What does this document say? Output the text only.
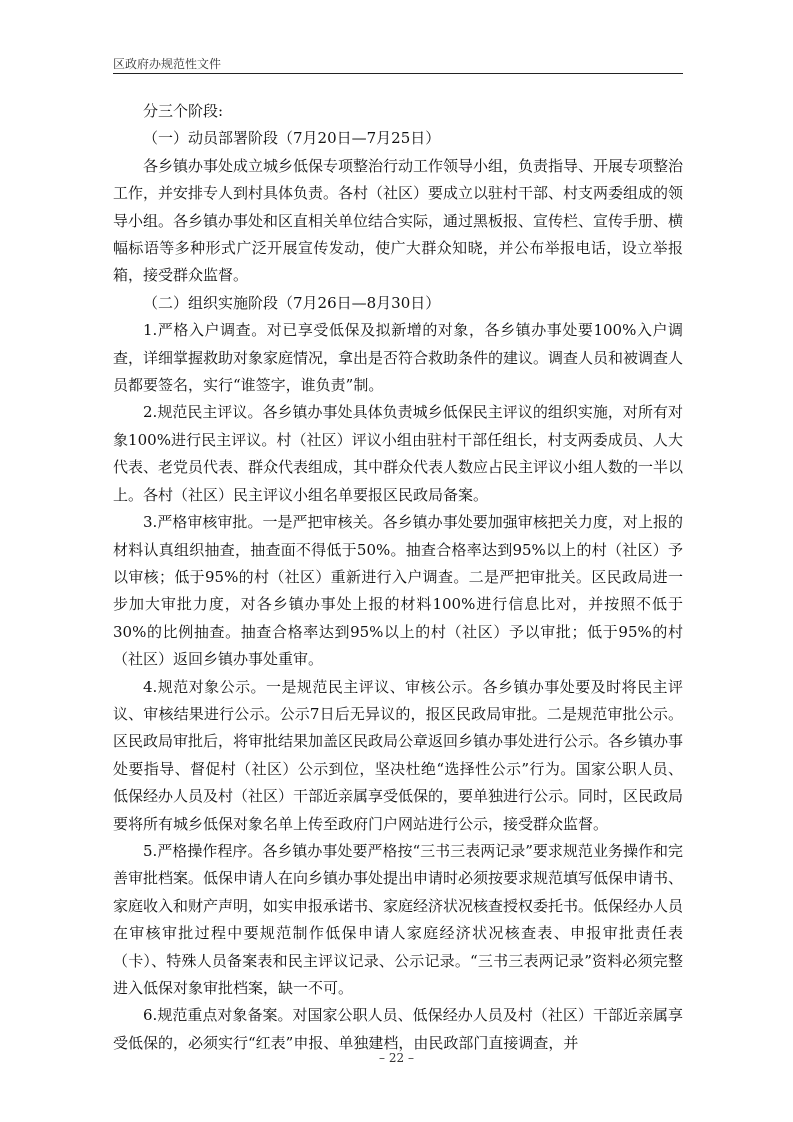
区政府办规范性文件

分三个阶段:

（一）动员部署阶段（7月20日—7月25日）

各乡镇办事处成立城乡低保专项整治行动工作领导小组，负责指导、开展专项整治工作，并安排专人到村具体负责。各村（社区）要成立以驻村干部、村支两委组成的领导小组。各乡镇办事处和区直相关单位结合实际，通过黑板报、宣传栏、宣传手册、横幅标语等多种形式广泛开展宣传发动，使广大群众知晓，并公布举报电话，设立举报箱，接受群众监督。

（二）组织实施阶段（7月26日—8月30日）

1.严格入户调查。对已享受低保及拟新增的对象，各乡镇办事处要100%入户调查，详细掌握救助对象家庭情况，拿出是否符合救助条件的建议。调查人员和被调查人员都要签名，实行“谁签字，谁负责”制。

2.规范民主评议。各乡镇办事处具体负责城乡低保民主评议的组织实施，对所有对象100%进行民主评议。村（社区）评议小组由驻村干部任组长，村支两委成员、人大代表、老党员代表、群众代表组成，其中群众代表人数应占民主评议小组人数的一半以上。各村（社区）民主评议小组名单要报区民政局备案。

3.严格审核审批。一是严把审核关。各乡镇办事处要加强审核把关力度，对上报的材料认真组织抽查，抽查面不得低于50%。抽查合格率达到95%以上的村（社区）予以审核；低于95%的村（社区）重新进行入户调查。二是严把审批关。区民政局进一步加大审批力度，对各乡镇办事处上报的材料100%进行信息比对，并按照不低于30%的比例抽查。抽查合格率达到95%以上的村（社区）予以审批；低于95%的村（社区）返回乡镇办事处重审。

4.规范对象公示。一是规范民主评议、审核公示。各乡镇办事处要及时将民主评议、审核结果进行公示。公示7日后无异议的，报区民政局审批。二是规范审批公示。区民政局审批后，将审批结果加盖区民政局公章返回乡镇办事处进行公示。各乡镇办事处要指导、督促村（社区）公示到位，坚决杜绝“选择性公示”行为。国家公职人员、低保经办人员及村（社区）干部近亲属享受低保的，要单独进行公示。同时，区民政局要将所有城乡低保对象名单上传至政府门户网站进行公示，接受群众监督。

5.严格操作程序。各乡镇办事处要严格按“三书三表两记录”要求规范业务操作和完善审批档案。低保申请人在向乡镇办事处提出申请时必须按要求规范填写低保申请书、家庭收入和财产声明，如实申报承诺书、家庭经济状况核查授权委托书。低保经办人员在审核审批过程中要规范制作低保申请人家庭经济状况核查表、申报审批责任表（卡）、特殊人员备案表和民主评议记录、公示记录。“三书三表两记录”资料必须完整进入低保对象审批档案，缺一不可。

6.规范重点对象备案。对国家公职人员、低保经办人员及村（社区）干部近亲属享受低保的，必须实行“红表”申报、单独建档，由民政部门直接调查，并

– 22 –
